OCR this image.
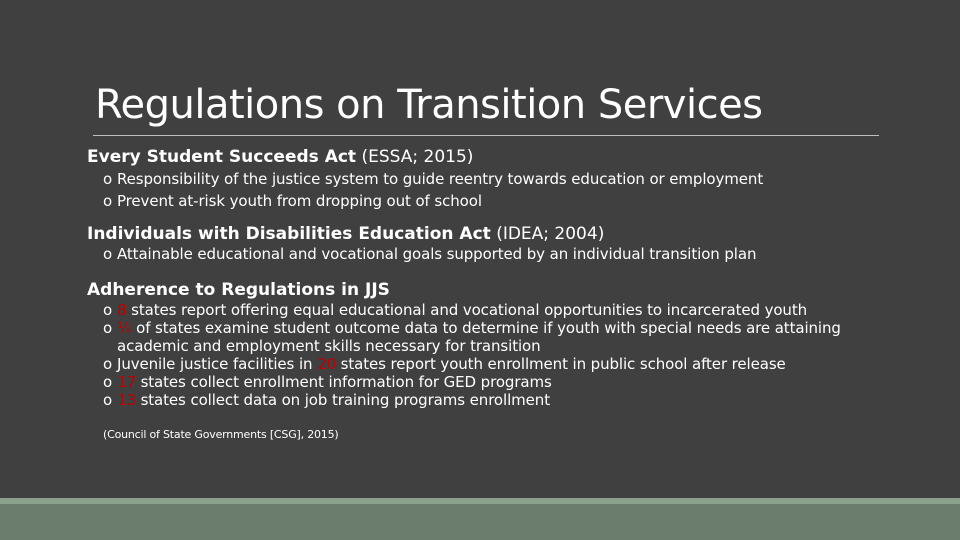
Regulations on Transition Services
Every Student Succeeds Act (ESSA; 2015)
o Responsibility of the justice system to guide reentry towards education or employment
o Prevent at-risk youth from dropping out of school
Individuals with Disabilities Education Act (IDEA; 2004)
o Attainable educational and vocational goals supported by an individual transition plan
Adherence to Regulations in JJS
o 8 states report offering equal educational and vocational opportunities to incarcerated youth
o ¼ of states examine student outcome data to determine if youth with special needs are attaining academic and employment skills necessary for transition
o Juvenile justice facilities in 20 states report youth enrollment in public school after release
o 17 states collect enrollment information for GED programs
o 13 states collect data on job training programs enrollment
(Council of State Governments [CSG], 2015)
